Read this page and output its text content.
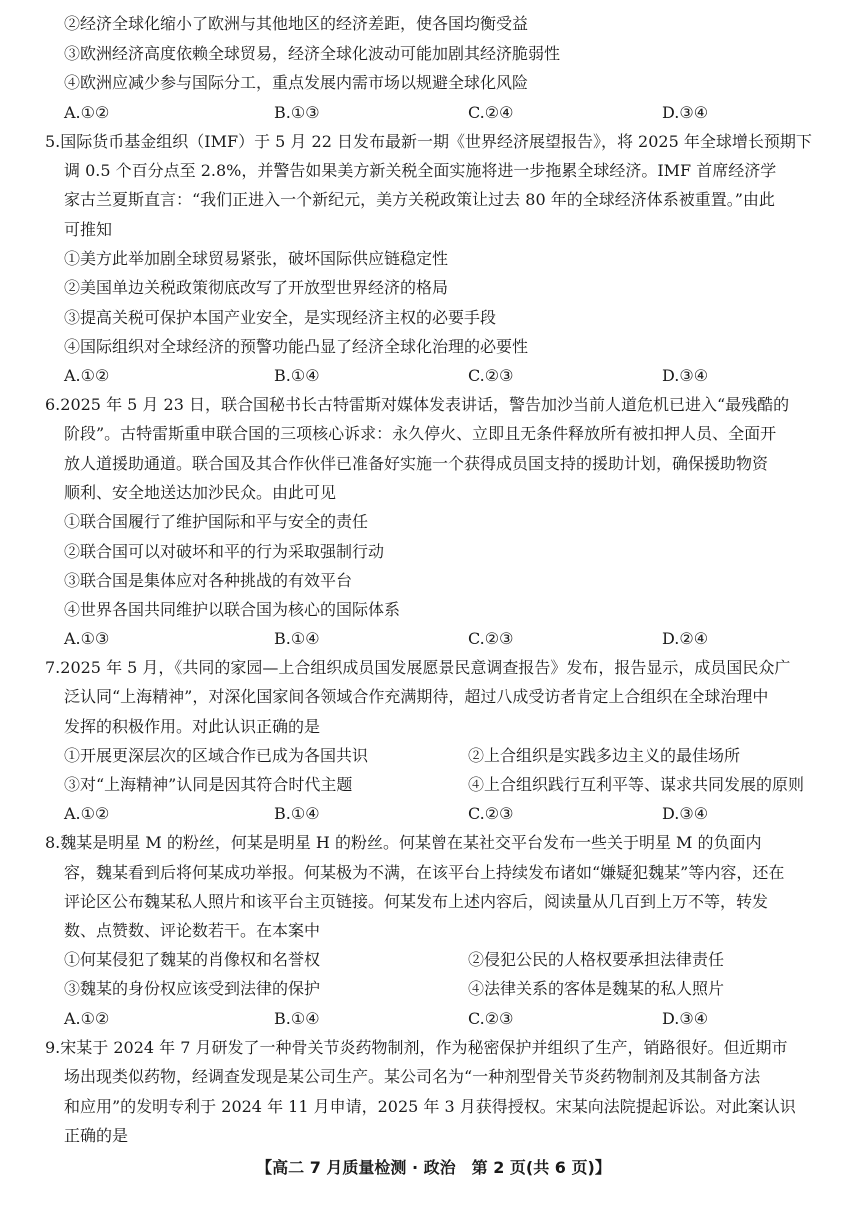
②经济全球化缩小了欧洲与其他地区的经济差距，使各国均衡受益
③欧洲经济高度依赖全球贸易，经济全球化波动可能加剧其经济脆弱性
④欧洲应减少参与国际分工，重点发展内需市场以规避全球化风险
A.①②	B.①③	C.②④	D.③④
5.国际货币基金组织（IMF）于 5 月 22 日发布最新一期《世界经济展望报告》，将 2025 年全球增长预期下
调 0.5 个百分点至 2.8%，并警告如果美方新关税全面实施将进一步拖累全球经济。IMF 首席经济学
家古兰夏斯直言：“我们正进入一个新纪元，美方关税政策让过去 80 年的全球经济体系被重置。”由此
可推知
①美方此举加剧全球贸易紧张，破坏国际供应链稳定性
②美国单边关税政策彻底改写了开放型世界经济的格局
③提高关税可保护本国产业安全，是实现经济主权的必要手段
④国际组织对全球经济的预警功能凸显了经济全球化治理的必要性
A.①②	B.①④	C.②③	D.③④
6.2025 年 5 月 23 日，联合国秘书长古特雷斯对媒体发表讲话，警告加沙当前人道危机已进入“最残酷的
阶段”。古特雷斯重申联合国的三项核心诉求：永久停火、立即且无条件释放所有被扣押人员、全面开
放人道援助通道。联合国及其合作伙伴已准备好实施一个获得成员国支持的援助计划，确保援助物资
顺利、安全地送达加沙民众。由此可见
①联合国履行了维护国际和平与安全的责任
②联合国可以对破坏和平的行为采取强制行动
③联合国是集体应对各种挑战的有效平台
④世界各国共同维护以联合国为核心的国际体系
A.①③	B.①④	C.②③	D.②④
7.2025 年 5 月，《共同的家园—上合组织成员国发展愿景民意调查报告》发布，报告显示，成员国民众广
泛认同“上海精神”，对深化国家间各领域合作充满期待，超过八成受访者肯定上合组织在全球治理中
发挥的积极作用。对此认识正确的是
①开展更深层次的区域合作已成为各国共识	②上合组织是实践多边主义的最佳场所
③对“上海精神”认同是因其符合时代主题	④上合组织践行互利平等、谋求共同发展的原则
A.①②	B.①④	C.②③	D.③④
8.魏某是明星 M 的粉丝，何某是明星 H 的粉丝。何某曾在某社交平台发布一些关于明星 M 的负面内
容，魏某看到后将何某成功举报。何某极为不满，在该平台上持续发布诸如“嫌疑犯魏某”等内容，还在
评论区公布魏某私人照片和该平台主页链接。何某发布上述内容后，阅读量从几百到上万不等，转发
数、点赞数、评论数若干。在本案中
①何某侵犯了魏某的肖像权和名誉权	②侵犯公民的人格权要承担法律责任
③魏某的身份权应该受到法律的保护	④法律关系的客体是魏某的私人照片
A.①②	B.①④	C.②③	D.③④
9.宋某于 2024 年 7 月研发了一种骨关节炎药物制剂，作为秘密保护并组织了生产，销路很好。但近期市
场出现类似药物，经调查发现是某公司生产。某公司名为“一种剂型骨关节炎药物制剂及其制备方法
和应用”的发明专利于 2024 年 11 月申请，2025 年 3 月获得授权。宋某向法院提起诉讼。对此案认识
正确的是
【高二 7 月质量检测 · 政治　第 2 页(共 6 页)】
